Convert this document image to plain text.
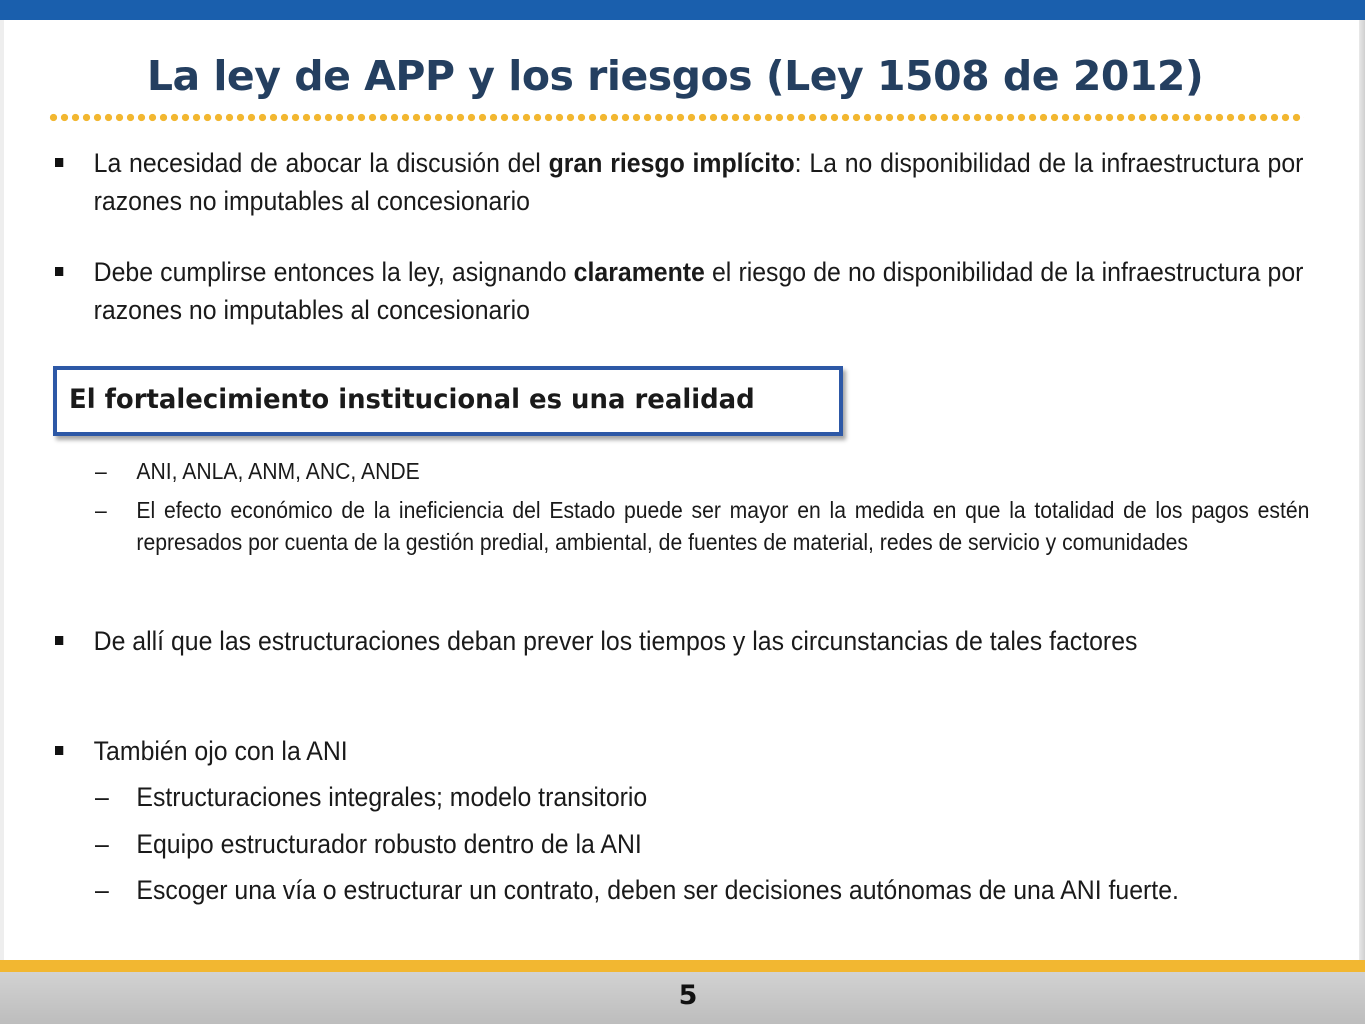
La ley de APP y los riesgos (Ley 1508 de 2012)
La necesidad de abocar la discusión del gran riesgo implícito: La no disponibilidad de la infraestructura por razones no imputables al concesionario
Debe cumplirse entonces la ley, asignando claramente el riesgo de no disponibilidad de la infraestructura por razones no imputables al concesionario
El fortalecimiento institucional es una realidad
– ANI, ANLA, ANM, ANC, ANDE
– El efecto económico de la ineficiencia del Estado puede ser mayor en la medida en que la totalidad de los pagos estén represados por cuenta de la gestión predial, ambiental, de fuentes de material, redes de servicio y comunidades
De allí que las estructuraciones deban prever los tiempos y las circunstancias de tales factores
También ojo con la ANI
– Estructuraciones integrales; modelo transitorio
– Equipo estructurador robusto dentro de la ANI
– Escoger una vía o estructurar un contrato, deben ser decisiones autónomas de una ANI fuerte.
5
